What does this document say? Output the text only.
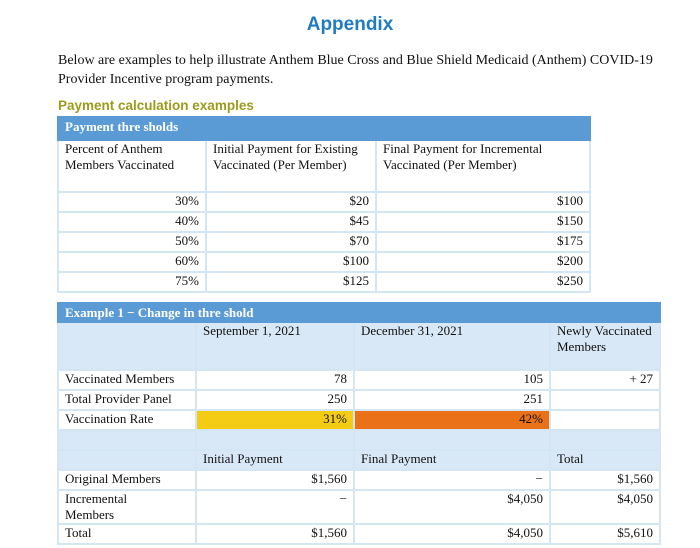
Appendix
Below are examples to help illustrate Anthem Blue Cross and Blue Shield Medicaid (Anthem) COVID-19 Provider Incentive program payments.
Payment calculation examples
Payment thre sholds		
Percent of Anthem Members Vaccinated	Initial Payment for Existing Vaccinated (Per Member)	Final Payment for Incremental Vaccinated (Per Member)
30%	$20	$100
40%	$45	$150
50%	$70	$175
60%	$100	$200
75%	$125	$250
Example 1 − Change in thre shold			
	September 1, 2021	December 31, 2021	Newly Vaccinated Members
Vaccinated Members	78	105	+ 27
Total Provider Panel	250	251	
Vaccination Rate	31%	42%	

	Initial Payment	Final Payment	Total
Original Members	$1,560	−	$1,560
Incremental Members	−	$4,050	$4,050
Total	$1,560	$4,050	$5,610
